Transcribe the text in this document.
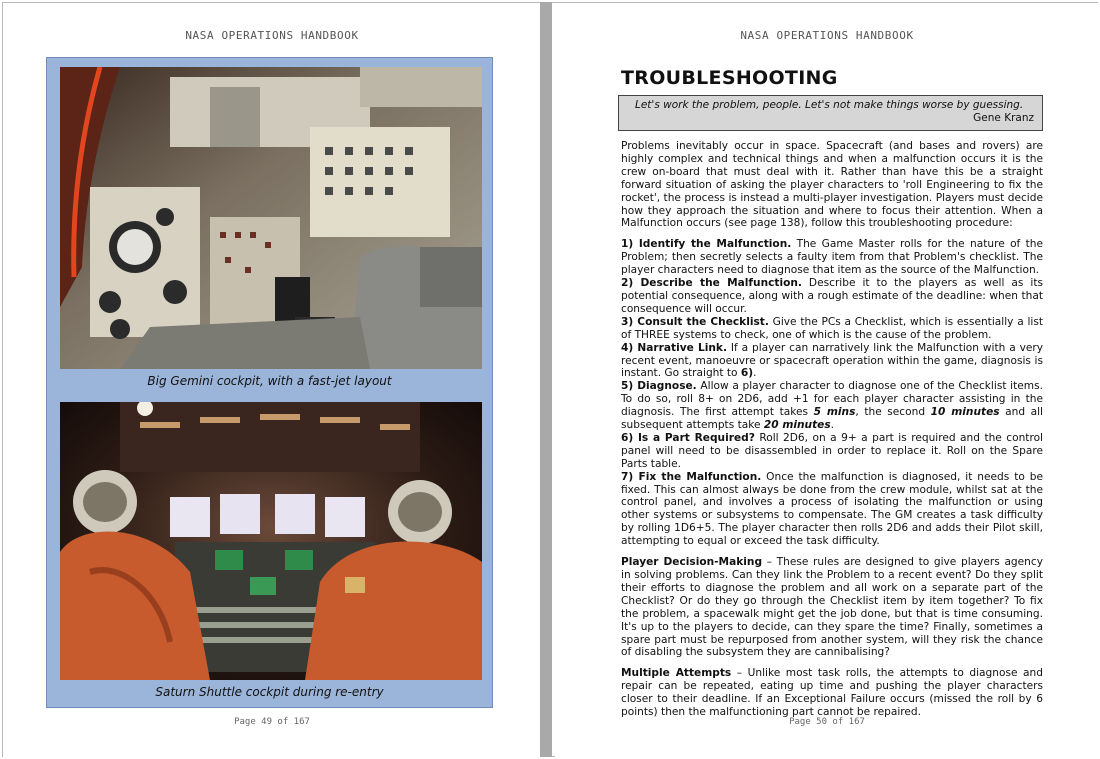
NASA OPERATIONS HANDBOOK
Big Gemini cockpit, with a fast-jet layout
Saturn Shuttle cockpit during re-entry
Page 49 of 167
NASA OPERATIONS HANDBOOK
TROUBLESHOOTING
Let's work the problem, people. Let's not make things worse by guessing.
Gene Kranz

Problems inevitably occur in space. Spacecraft (and bases and rovers) are highly complex and technical things and when a malfunction occurs it is the crew on-board that must deal with it. Rather than have this be a straight forward situation of asking the player characters to 'roll Engineering to fix the rocket', the process is instead a multi-player investigation. Players must decide how they approach the situation and where to focus their attention. When a Malfunction occurs (see page 138), follow this troubleshooting procedure:

1) Identify the Malfunction. The Game Master rolls for the nature of the Problem; then secretly selects a faulty item from that Problem's checklist. The player characters need to diagnose that item as the source of the Malfunction.
2) Describe the Malfunction. Describe it to the players as well as its potential consequence, along with a rough estimate of the deadline: when that consequence will occur.
3) Consult the Checklist. Give the PCs a Checklist, which is essentially a list of THREE systems to check, one of which is the cause of the problem.
4) Narrative Link. If a player can narratively link the Malfunction with a very recent event, manoeuvre or spacecraft operation within the game, diagnosis is instant. Go straight to 6).
5) Diagnose. Allow a player character to diagnose one of the Checklist items. To do so, roll 8+ on 2D6, add +1 for each player character assisting in the diagnosis. The first attempt takes 5 mins, the second 10 minutes and all subsequent attempts take 20 minutes.
6) Is a Part Required? Roll 2D6, on a 9+ a part is required and the control panel will need to be disassembled in order to replace it. Roll on the Spare Parts table.
7) Fix the Malfunction. Once the malfunction is diagnosed, it needs to be fixed. This can almost always be done from the crew module, whilst sat at the control panel, and involves a process of isolating the malfunction or using other systems or subsystems to compensate. The GM creates a task difficulty by rolling 1D6+5. The player character then rolls 2D6 and adds their Pilot skill, attempting to equal or exceed the task difficulty.

Player Decision-Making – These rules are designed to give players agency in solving problems. Can they link the Problem to a recent event? Do they split their efforts to diagnose the problem and all work on a separate part of the Checklist? Or do they go through the Checklist item by item together? To fix the problem, a spacewalk might get the job done, but that is time consuming. It's up to the players to decide, can they spare the time? Finally, sometimes a spare part must be repurposed from another system, will they risk the chance of disabling the subsystem they are cannibalising?

Multiple Attempts – Unlike most task rolls, the attempts to diagnose and repair can be repeated, eating up time and pushing the player characters closer to their deadline. If an Exceptional Failure occurs (missed the roll by 6 points) then the malfunctioning part cannot be repaired.

Page 50 of 167
